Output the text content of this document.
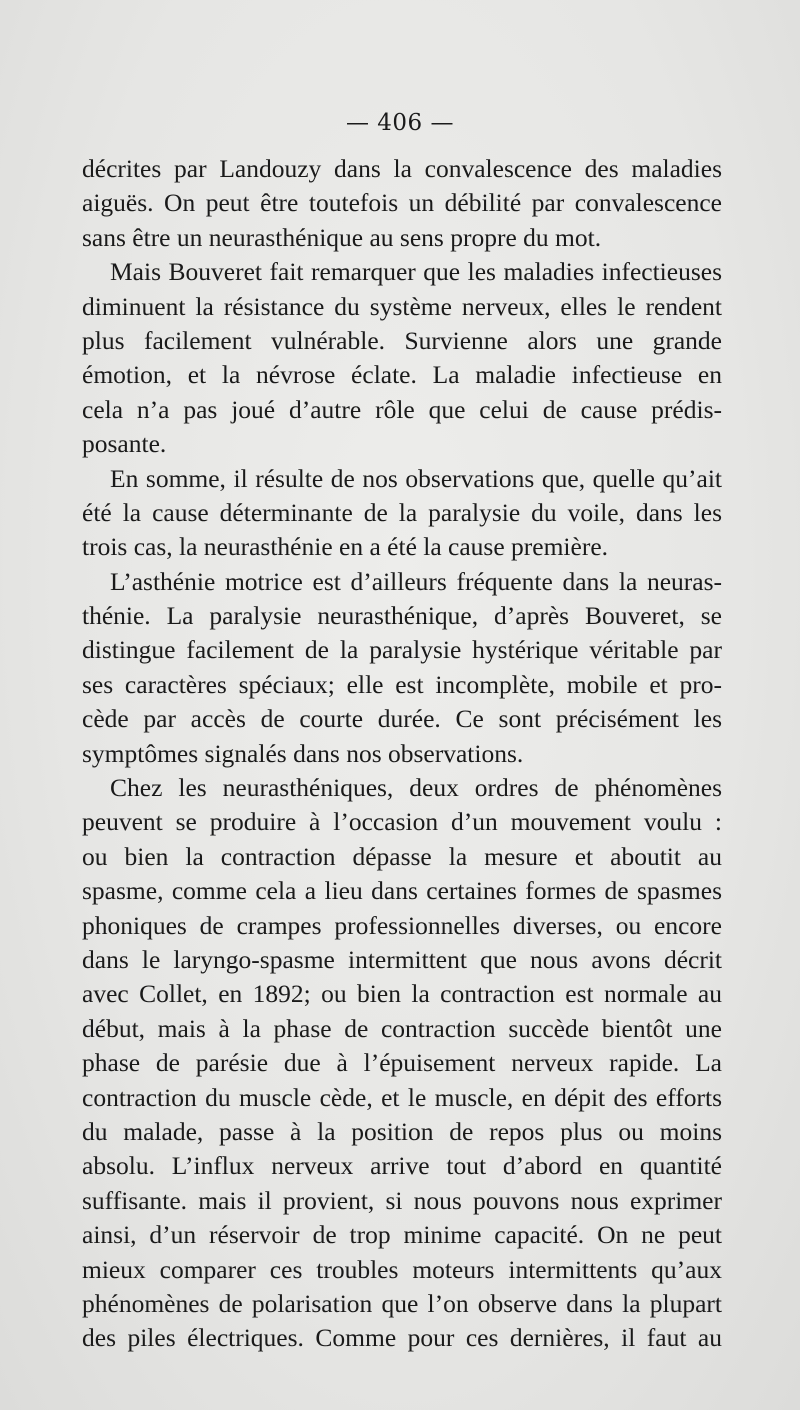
— 406 —
décrites par Landouzy dans la convalescence des maladies
aiguës. On peut être toutefois un débilité par convalescence
sans être un neurasthénique au sens propre du mot.
Mais Bouveret fait remarquer que les maladies infectieuses
diminuent la résistance du système nerveux, elles le rendent
plus facilement vulnérable. Survienne alors une grande
émotion, et la névrose éclate. La maladie infectieuse en
cela n’a pas joué d’autre rôle que celui de cause prédis-
posante.
En somme, il résulte de nos observations que, quelle qu’ait
été la cause déterminante de la paralysie du voile, dans les
trois cas, la neurasthénie en a été la cause première.
L’asthénie motrice est d’ailleurs fréquente dans la neuras-
thénie. La paralysie neurasthénique, d’après Bouveret, se
distingue facilement de la paralysie hystérique véritable par
ses caractères spéciaux; elle est incomplète, mobile et pro-
cède par accès de courte durée. Ce sont précisément les
symptômes signalés dans nos observations.
Chez les neurasthéniques, deux ordres de phénomènes
peuvent se produire à l’occasion d’un mouvement voulu :
ou bien la contraction dépasse la mesure et aboutit au
spasme, comme cela a lieu dans certaines formes de spasmes
phoniques de crampes professionnelles diverses, ou encore
dans le laryngo-spasme intermittent que nous avons décrit
avec Collet, en 1892; ou bien la contraction est normale au
début, mais à la phase de contraction succède bientôt une
phase de parésie due à l’épuisement nerveux rapide. La
contraction du muscle cède, et le muscle, en dépit des efforts
du malade, passe à la position de repos plus ou moins
absolu. L’influx nerveux arrive tout d’abord en quantité
suffisante. mais il provient, si nous pouvons nous exprimer
ainsi, d’un réservoir de trop minime capacité. On ne peut
mieux comparer ces troubles moteurs intermittents qu’aux
phénomènes de polarisation que l’on observe dans la plupart
des piles électriques. Comme pour ces dernières, il faut au
